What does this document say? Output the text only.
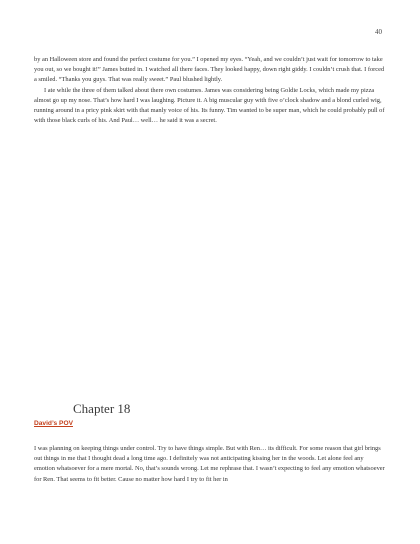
40

by an Halloween store and found the perfect costume for you.” I opened my eyes. “Yeah, and we couldn’t just wait for tomorrow to take you out, so we bought it!” James butted in. I watched all there faces. They looked happy, down right giddy. I couldn’t crush that. I forced a smiled. “Thanks you guys. That was really sweet.” Paul blushed lightly.

I ate while the three of them talked about there own costumes. James was considering being Goldie Locks, which made my pizza almost go up my nose. That’s how hard I was laughing. Picture it. A big muscular guy with five o’clock shadow and a blond curled wig, running around in a pricy pink skirt with that manly voice of his. Its funny. Tim wanted to be super man, which he could probably pull of with those black curls of his. And Paul… well… he said it was a secret.

Chapter 18
David’s POV

I was planning on keeping things under control. Try to have things simple. But with Ren… its difficult. For some reason that girl brings out things in me that I thought dead a long time ago. I definitely was not anticipating kissing her in the woods. Let alone feel any emotion whatsoever for a mere mortal. No, that’s sounds wrong. Let me rephrase that. I wasn’t expecting to feel any emotion whatsoever for Ren. That seems to fit better. Cause no matter how hard I try to fit her in
